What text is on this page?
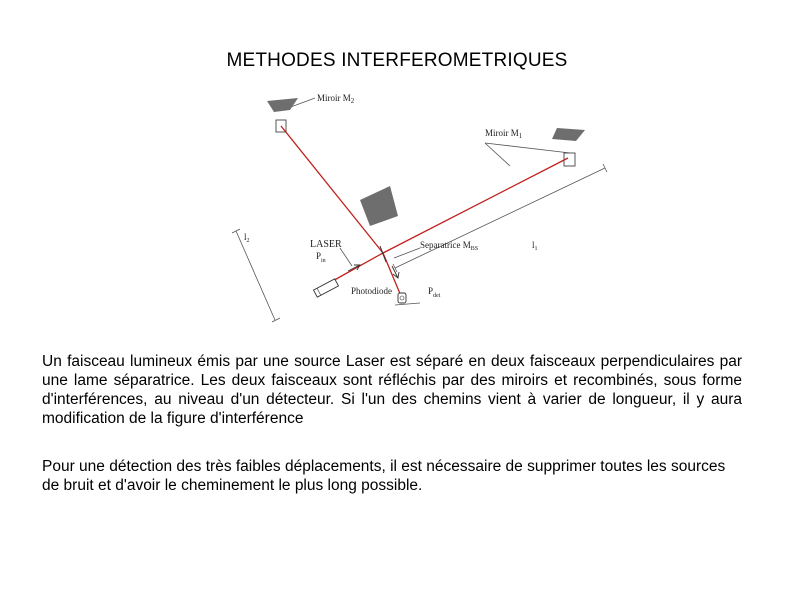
METHODES INTERFEROMETRIQUES
Miroir $M_2$
Miroir $M_1$
LASER
$P_{in}$
Separatrice $M_{BS}$
Photodiode	$P_{det}$
$l_1$
$l_2$

Un faisceau lumineux émis par une source Laser est séparé en deux faisceaux perpendiculaires par une lame séparatrice. Les deux faisceaux sont réfléchis par des miroirs et recombinés, sous forme d'interférences, au niveau d'un détecteur. Si l'un des chemins vient à varier de longueur, il y aura modification de la figure d'interférence

Pour une détection des très faibles déplacements, il est nécessaire de supprimer toutes les sources de bruit et d'avoir le cheminement le plus long possible.
